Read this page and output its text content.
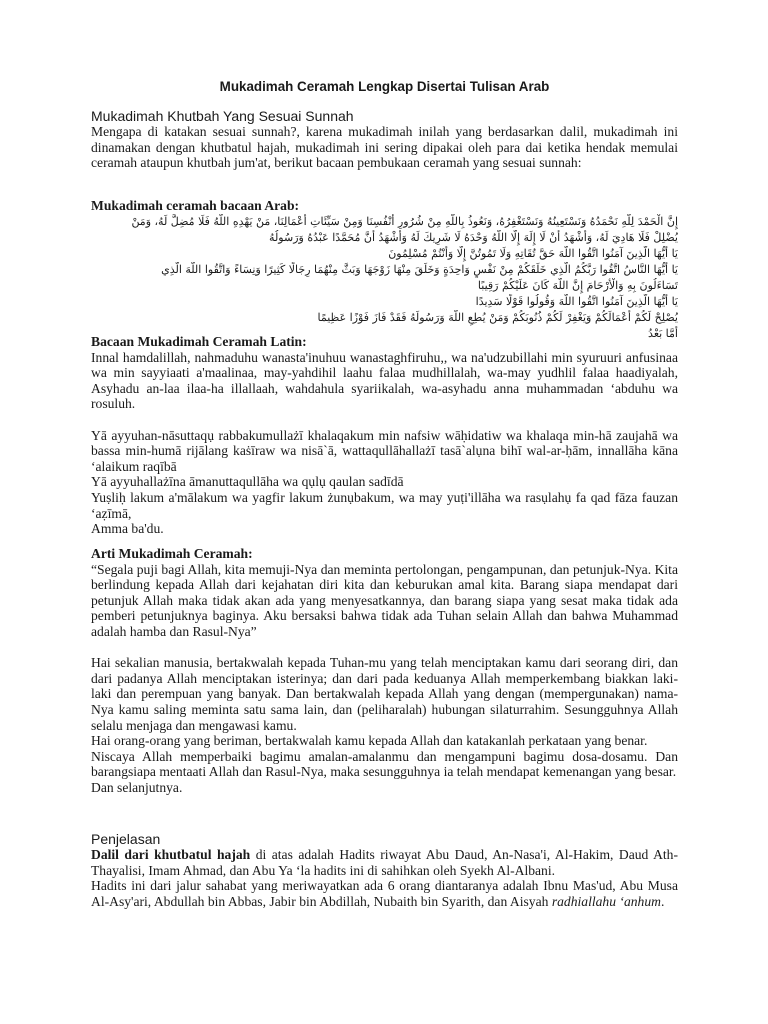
Mukadimah Ceramah Lengkap Disertai Tulisan Arab
Mukadimah Khutbah Yang Sesuai Sunnah

Mengapa di katakan sesuai sunnah?, karena mukadimah inilah yang berdasarkan dalil, mukadimah ini dinamakan dengan khutbatul hajah, mukadimah ini sering dipakai oleh para dai ketika hendak memulai ceramah ataupun khutbah jum'at, berikut bacaan pembukaan ceramah yang sesuai sunnah:

Mukadimah ceramah bacaan Arab:
إِنَّ الْحَمْدَ لِلَّهِ نَحْمَدُهُ وَنَسْتَعِينُهُ وَنَسْتَغْفِرُهُ، وَنَعُوذُ بِاللَّهِ مِنْ شُرُورِ أَنْفُسِنَا وَمِنْ سَيِّئَاتِ أَعْمَالِنَا، مَنْ يَهْدِهِ اللَّهُ فَلَا مُضِلَّ لَهُ، وَمَنْ
يُضْلِلْ فَلَا هَادِيَ لَهُ، وَأَشْهَدُ أَنْ لَا إِلَهَ إِلَّا اللَّهُ وَحْدَهُ لَا شَرِيكَ لَهُ وَأَشْهَدُ أَنَّ مُحَمَّدًا عَبْدُهُ وَرَسُولُهُ
يَا أَيُّهَا الَّذِينَ آمَنُوا اتَّقُوا اللَّهَ حَقَّ تُقَاتِهِ وَلَا تَمُوتُنَّ إِلَّا وَأَنْتُمْ مُسْلِمُونَ
يَا أَيُّهَا النَّاسُ اتَّقُوا رَبَّكُمُ الَّذِي خَلَقَكُمْ مِنْ نَفْسٍ وَاحِدَةٍ وَخَلَقَ مِنْهَا زَوْجَهَا وَبَثَّ مِنْهُمَا رِجَالًا كَثِيرًا وَنِسَاءً وَاتَّقُوا اللَّهَ الَّذِي
تَسَاءَلُونَ بِهِ وَالْأَرْحَامَ إِنَّ اللَّهَ كَانَ عَلَيْكُمْ رَقِيبًا
يَا أَيُّهَا الَّذِينَ آمَنُوا اتَّقُوا اللَّهَ وَقُولُوا قَوْلًا سَدِيدًا
يُصْلِحْ لَكُمْ أَعْمَالَكُمْ وَيَغْفِرْ لَكُمْ ذُنُوبَكُمْ وَمَنْ يُطِعِ اللَّهَ وَرَسُولَهُ فَقَدْ فَازَ فَوْزًا عَظِيمًا
أَمَّا بَعْدُ
Bacaan Mukadimah Ceramah Latin:

Innal hamdalillah, nahmaduhu wanasta'inuhuu wanastaghfiruhu,, wa na'udzubillahi min syuruuri anfusinaa wa min sayyiaati a'maalinaa, may-yahdihil laahu falaa mudhillalah, wa-may yudhlil falaa haadiyalah, Asyhadu an-laa ilaa-ha illallaah, wahdahula syariikalah, wa-asyhadu anna muhammadan ‘abduhu wa rosuluh.

Yā ayyuhan-nāsuttaqụ rabbakumullażī khalaqakum min nafsiw wāḥidatiw wa khalaqa min-hā zaujahā wa bassa min-humā rijālang kaṡīraw wa nisā`ā, wattaqullāhallażī tasā`alụna bihī wal-ar-ḥām, innallāha kāna ‘alaikum raqībā

Yā ayyuhallażīna āmanuttaqullāha wa qụlụ qaulan sadīdā

Yuṣliḥ lakum a'mālakum wa yagfir lakum żunụbakum, wa may yuṭi'illāha wa rasụlahụ fa qad fāza fauzan ‘aẓīmā,

Amma ba'du.

Arti Mukadimah Ceramah:

“Segala puji bagi Allah, kita memuji-Nya dan meminta pertolongan, pengampunan, dan petunjuk-Nya. Kita berlindung kepada Allah dari kejahatan diri kita dan keburukan amal kita. Barang siapa mendapat dari petunjuk Allah maka tidak akan ada yang menyesatkannya, dan barang siapa yang sesat maka tidak ada pemberi petunjuknya baginya. Aku bersaksi bahwa tidak ada Tuhan selain Allah dan bahwa Muhammad adalah hamba dan Rasul-Nya”

Hai sekalian manusia, bertakwalah kepada Tuhan-mu yang telah menciptakan kamu dari seorang diri, dan dari padanya Allah menciptakan isterinya; dan dari pada keduanya Allah memperkembang biakkan laki-laki dan perempuan yang banyak. Dan bertakwalah kepada Allah yang dengan (mempergunakan) nama-Nya kamu saling meminta satu sama lain, dan (peliharalah) hubungan silaturrahim. Sesungguhnya Allah selalu menjaga dan mengawasi kamu.

Hai orang-orang yang beriman, bertakwalah kamu kepada Allah dan katakanlah perkataan yang benar.

Niscaya Allah memperbaiki bagimu amalan-amalanmu dan mengampuni bagimu dosa-dosamu. Dan barangsiapa mentaati Allah dan Rasul-Nya, maka sesungguhnya ia telah mendapat kemenangan yang besar.

Dan selanjutnya.

Penjelasan

Dalil dari khutbatul hajah di atas adalah Hadits riwayat Abu Daud, An-Nasa'i, Al-Hakim, Daud Ath-Thayalisi, Imam Ahmad, dan Abu Ya ‘la hadits ini di sahihkan oleh Syekh Al-Albani.

Hadits ini dari jalur sahabat yang meriwayatkan ada 6 orang diantaranya adalah Ibnu Mas'ud, Abu Musa Al-Asy'ari, Abdullah bin Abbas, Jabir bin Abdillah, Nubaith bin Syarith, dan Aisyah radhiallahu ‘anhum.
